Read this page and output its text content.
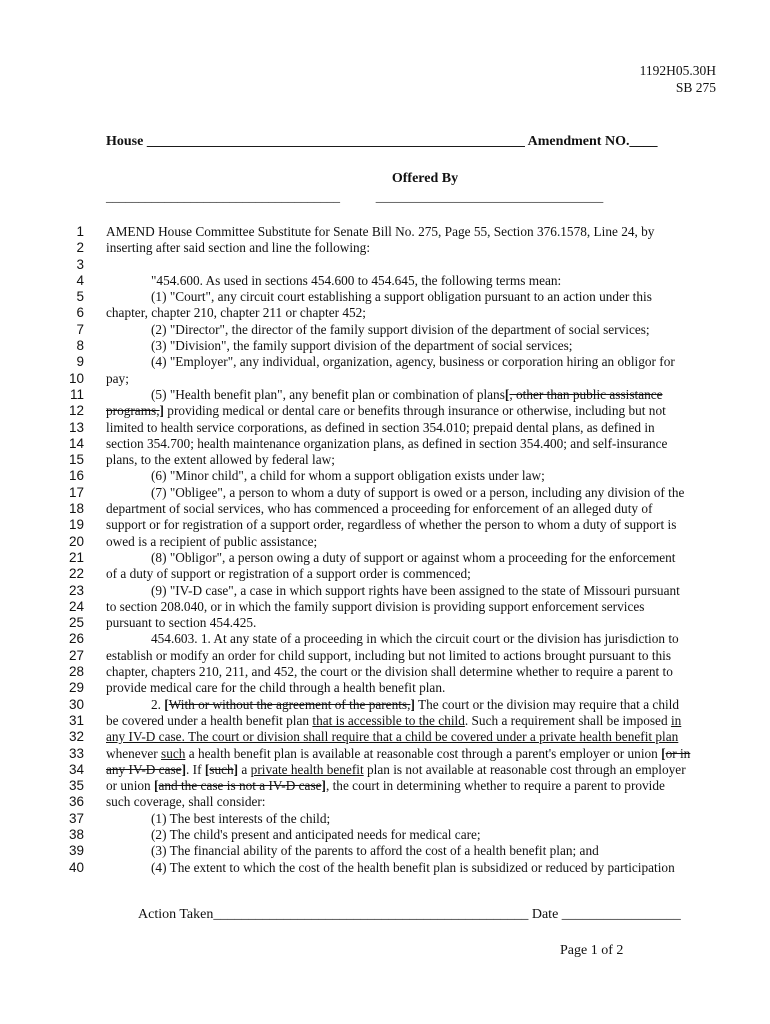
1192H05.30H
SB 275
House ______________________________________________________ Amendment NO.____
Offered By
____________________________________           ___________________________________
1 AMEND House Committee Substitute for Senate Bill No. 275, Page 55, Section 376.1578, Line 24, by
2 inserting after said section and line the following:
3
4	"454.600. As used in sections 454.600 to 454.645, the following terms mean:
5	(1) "Court", any circuit court establishing a support obligation pursuant to an action under this
6 chapter, chapter 210, chapter 211 or chapter 452;
7	(2) "Director", the director of the family support division of the department of social services;
8	(3) "Division", the family support division of the department of social services;
9	(4) "Employer", any individual, organization, agency, business or corporation hiring an obligor for
10 pay;
11	(5) "Health benefit plan", any benefit plan or combination of plans[, other than public assistance
12 programs,] providing medical or dental care or benefits through insurance or otherwise, including but not
13 limited to health service corporations, as defined in section 354.010; prepaid dental plans, as defined in
14 section 354.700; health maintenance organization plans, as defined in section 354.400; and self-insurance
15 plans, to the extent allowed by federal law;
16	(6) "Minor child", a child for whom a support obligation exists under law;
17	(7) "Obligee", a person to whom a duty of support is owed or a person, including any division of the
18 department of social services, who has commenced a proceeding for enforcement of an alleged duty of
19 support or for registration of a support order, regardless of whether the person to whom a duty of support is
20 owed is a recipient of public assistance;
21	(8) "Obligor", a person owing a duty of support or against whom a proceeding for the enforcement
22 of a duty of support or registration of a support order is commenced;
23	(9) "IV-D case", a case in which support rights have been assigned to the state of Missouri pursuant
24 to section 208.040, or in which the family support division is providing support enforcement services
25 pursuant to section 454.425.
26	454.603. 1. At any state of a proceeding in which the circuit court or the division has jurisdiction to
27 establish or modify an order for child support, including but not limited to actions brought pursuant to this
28 chapter, chapters 210, 211, and 452, the court or the division shall determine whether to require a parent to
29 provide medical care for the child through a health benefit plan.
30	2. [With or without the agreement of the parents,] The court or the division may require that a child
31 be covered under a health benefit plan that is accessible to the child. Such a requirement shall be imposed in
32 any IV-D case. The court or division shall require that a child be covered under a private health benefit plan
33 whenever such a health benefit plan is available at reasonable cost through a parent's employer or union [or in
34 any IV-D case]. If [such] a private health benefit plan is not available at reasonable cost through an employer
35 or union [and the case is not a IV-D case], the court in determining whether to require a parent to provide
36 such coverage, shall consider:
37	(1) The best interests of the child;
38	(2) The child's present and anticipated needs for medical care;
39	(3) The financial ability of the parents to afford the cost of a health benefit plan; and
40	(4) The extent to which the cost of the health benefit plan is subsidized or reduced by participation
Action Taken_____________________________________________ Date _________________
Page 1 of 2
